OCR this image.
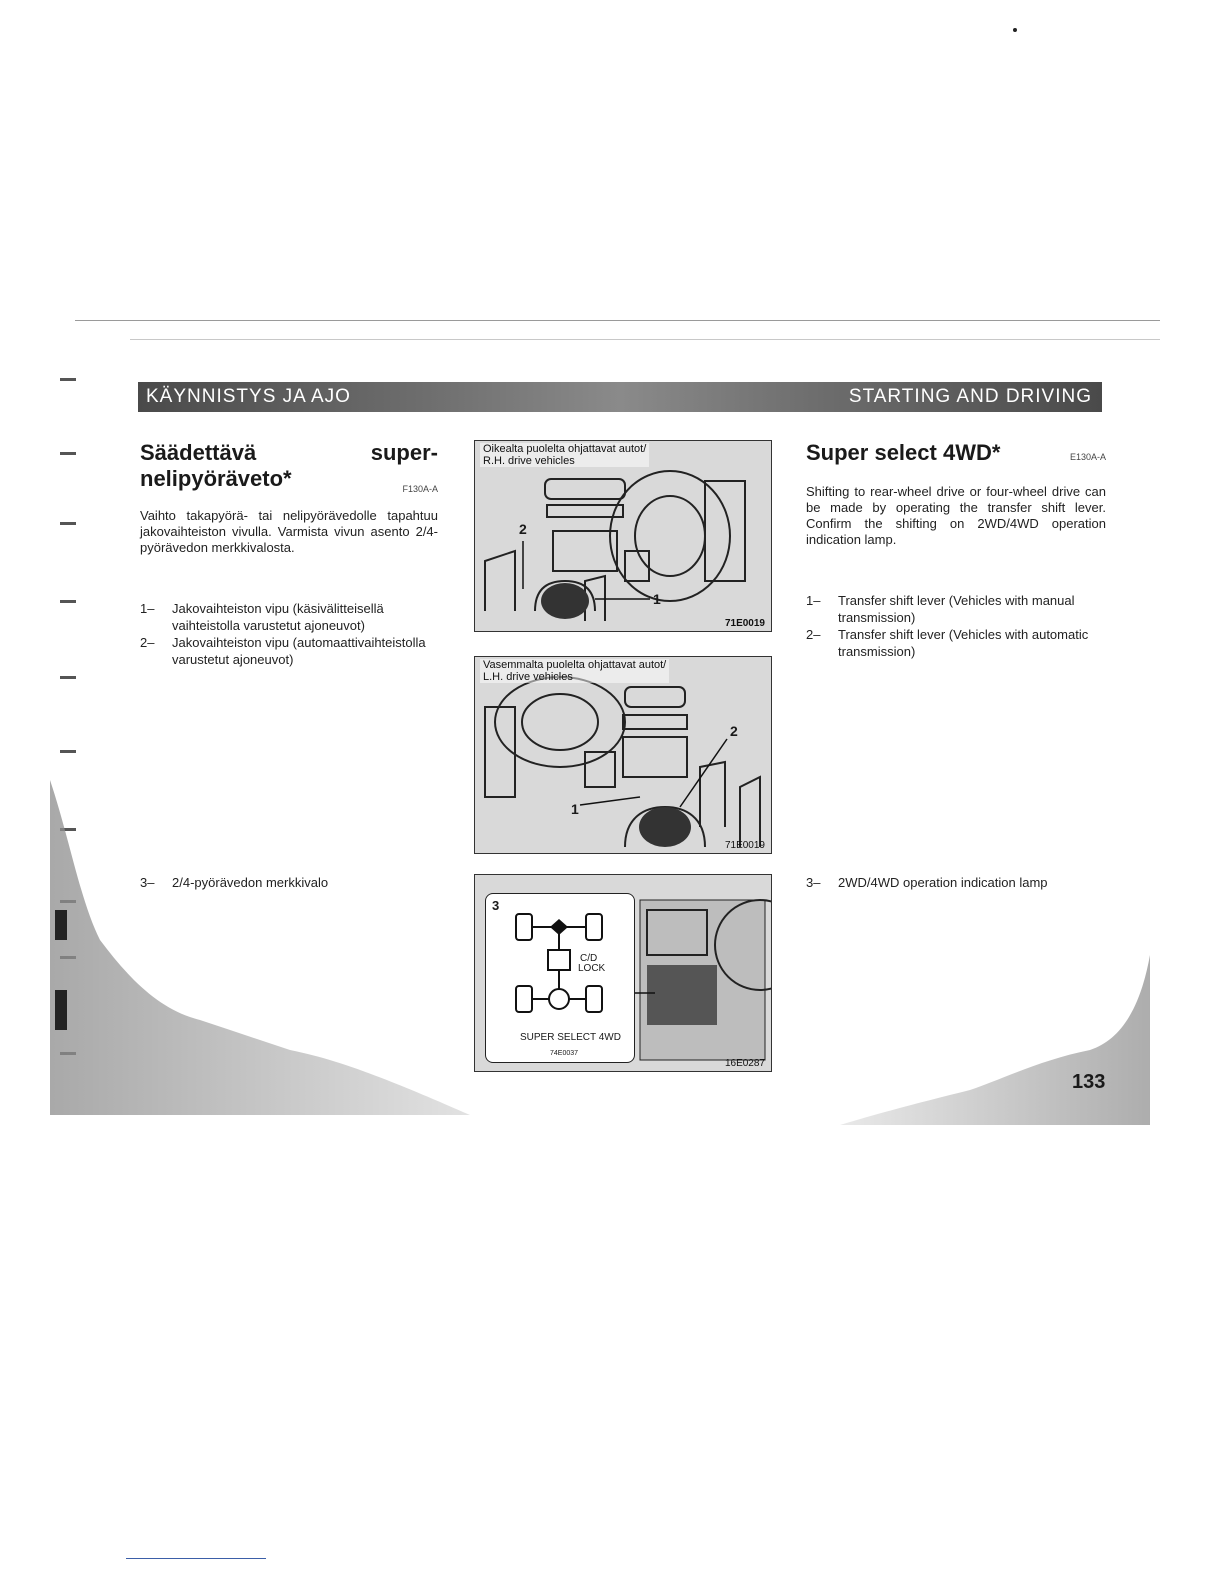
KÄYNNISTYS JA AJO	STARTING AND DRIVING
Säädettävä	super-
nelipyöräveto*	F130A-A
Vaihto takapyörä- tai nelipyörävedolle tapahtuu jakovaihteiston vivulla. Varmista vivun asento 2/4-pyörävedon merkkivalosta.
1–	Jakovaihteiston vipu (käsivälitteisellä vaihteistolla varustetut ajoneuvot)
2–	Jakovaihteiston vipu (automaattivaihteistolla varustetut ajoneuvot)
3–	2/4-pyörävedon merkkivalo
Oikealta puolelta ohjattavat autot/
R.H. drive vehicles
2
1
71E0019
Vasemmalta puolelta ohjattavat autot/
L.H. drive vehicles
1
2
71E0019
3
C/D
LOCK
SUPER SELECT 4WD
74E0037
16E0287
Super select 4WD*	E130A-A
Shifting to rear-wheel drive or four-wheel drive can be made by operating the transfer shift lever. Confirm the shifting on 2WD/4WD operation indication lamp.
1–	Transfer shift lever (Vehicles with manual transmission)
2–	Transfer shift lever (Vehicles with automatic transmission)
3–	2WD/4WD operation indication lamp
133
